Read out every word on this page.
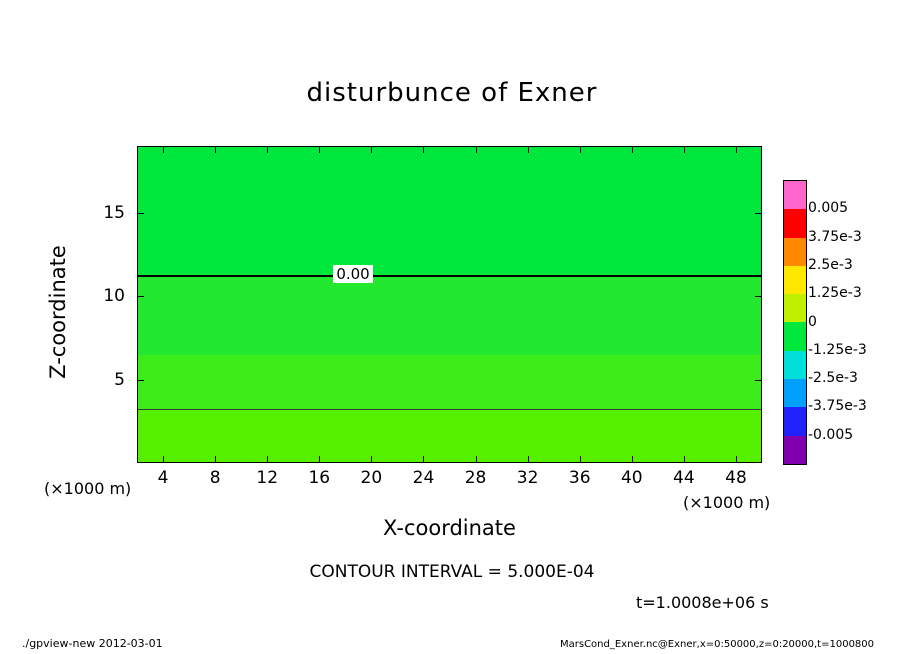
disturbunce of Exner
0.00
X-coordinate
Z-coordinate
(×1000 m)
(×1000 m)
CONTOUR INTERVAL = 5.000E-04
t=1.0008e+06 s
./gpview-new 2012-03-01	MarsCond_Exner.nc@Exner,x=0:50000,z=0:20000,t=1000800
4	8	12	16	20	24	28	32	36	40	44	48
5
10
15	0.005
3.75e-3
2.5e-3
1.25e-3
0
-1.25e-3
-2.5e-3
-3.75e-3
-0.005
